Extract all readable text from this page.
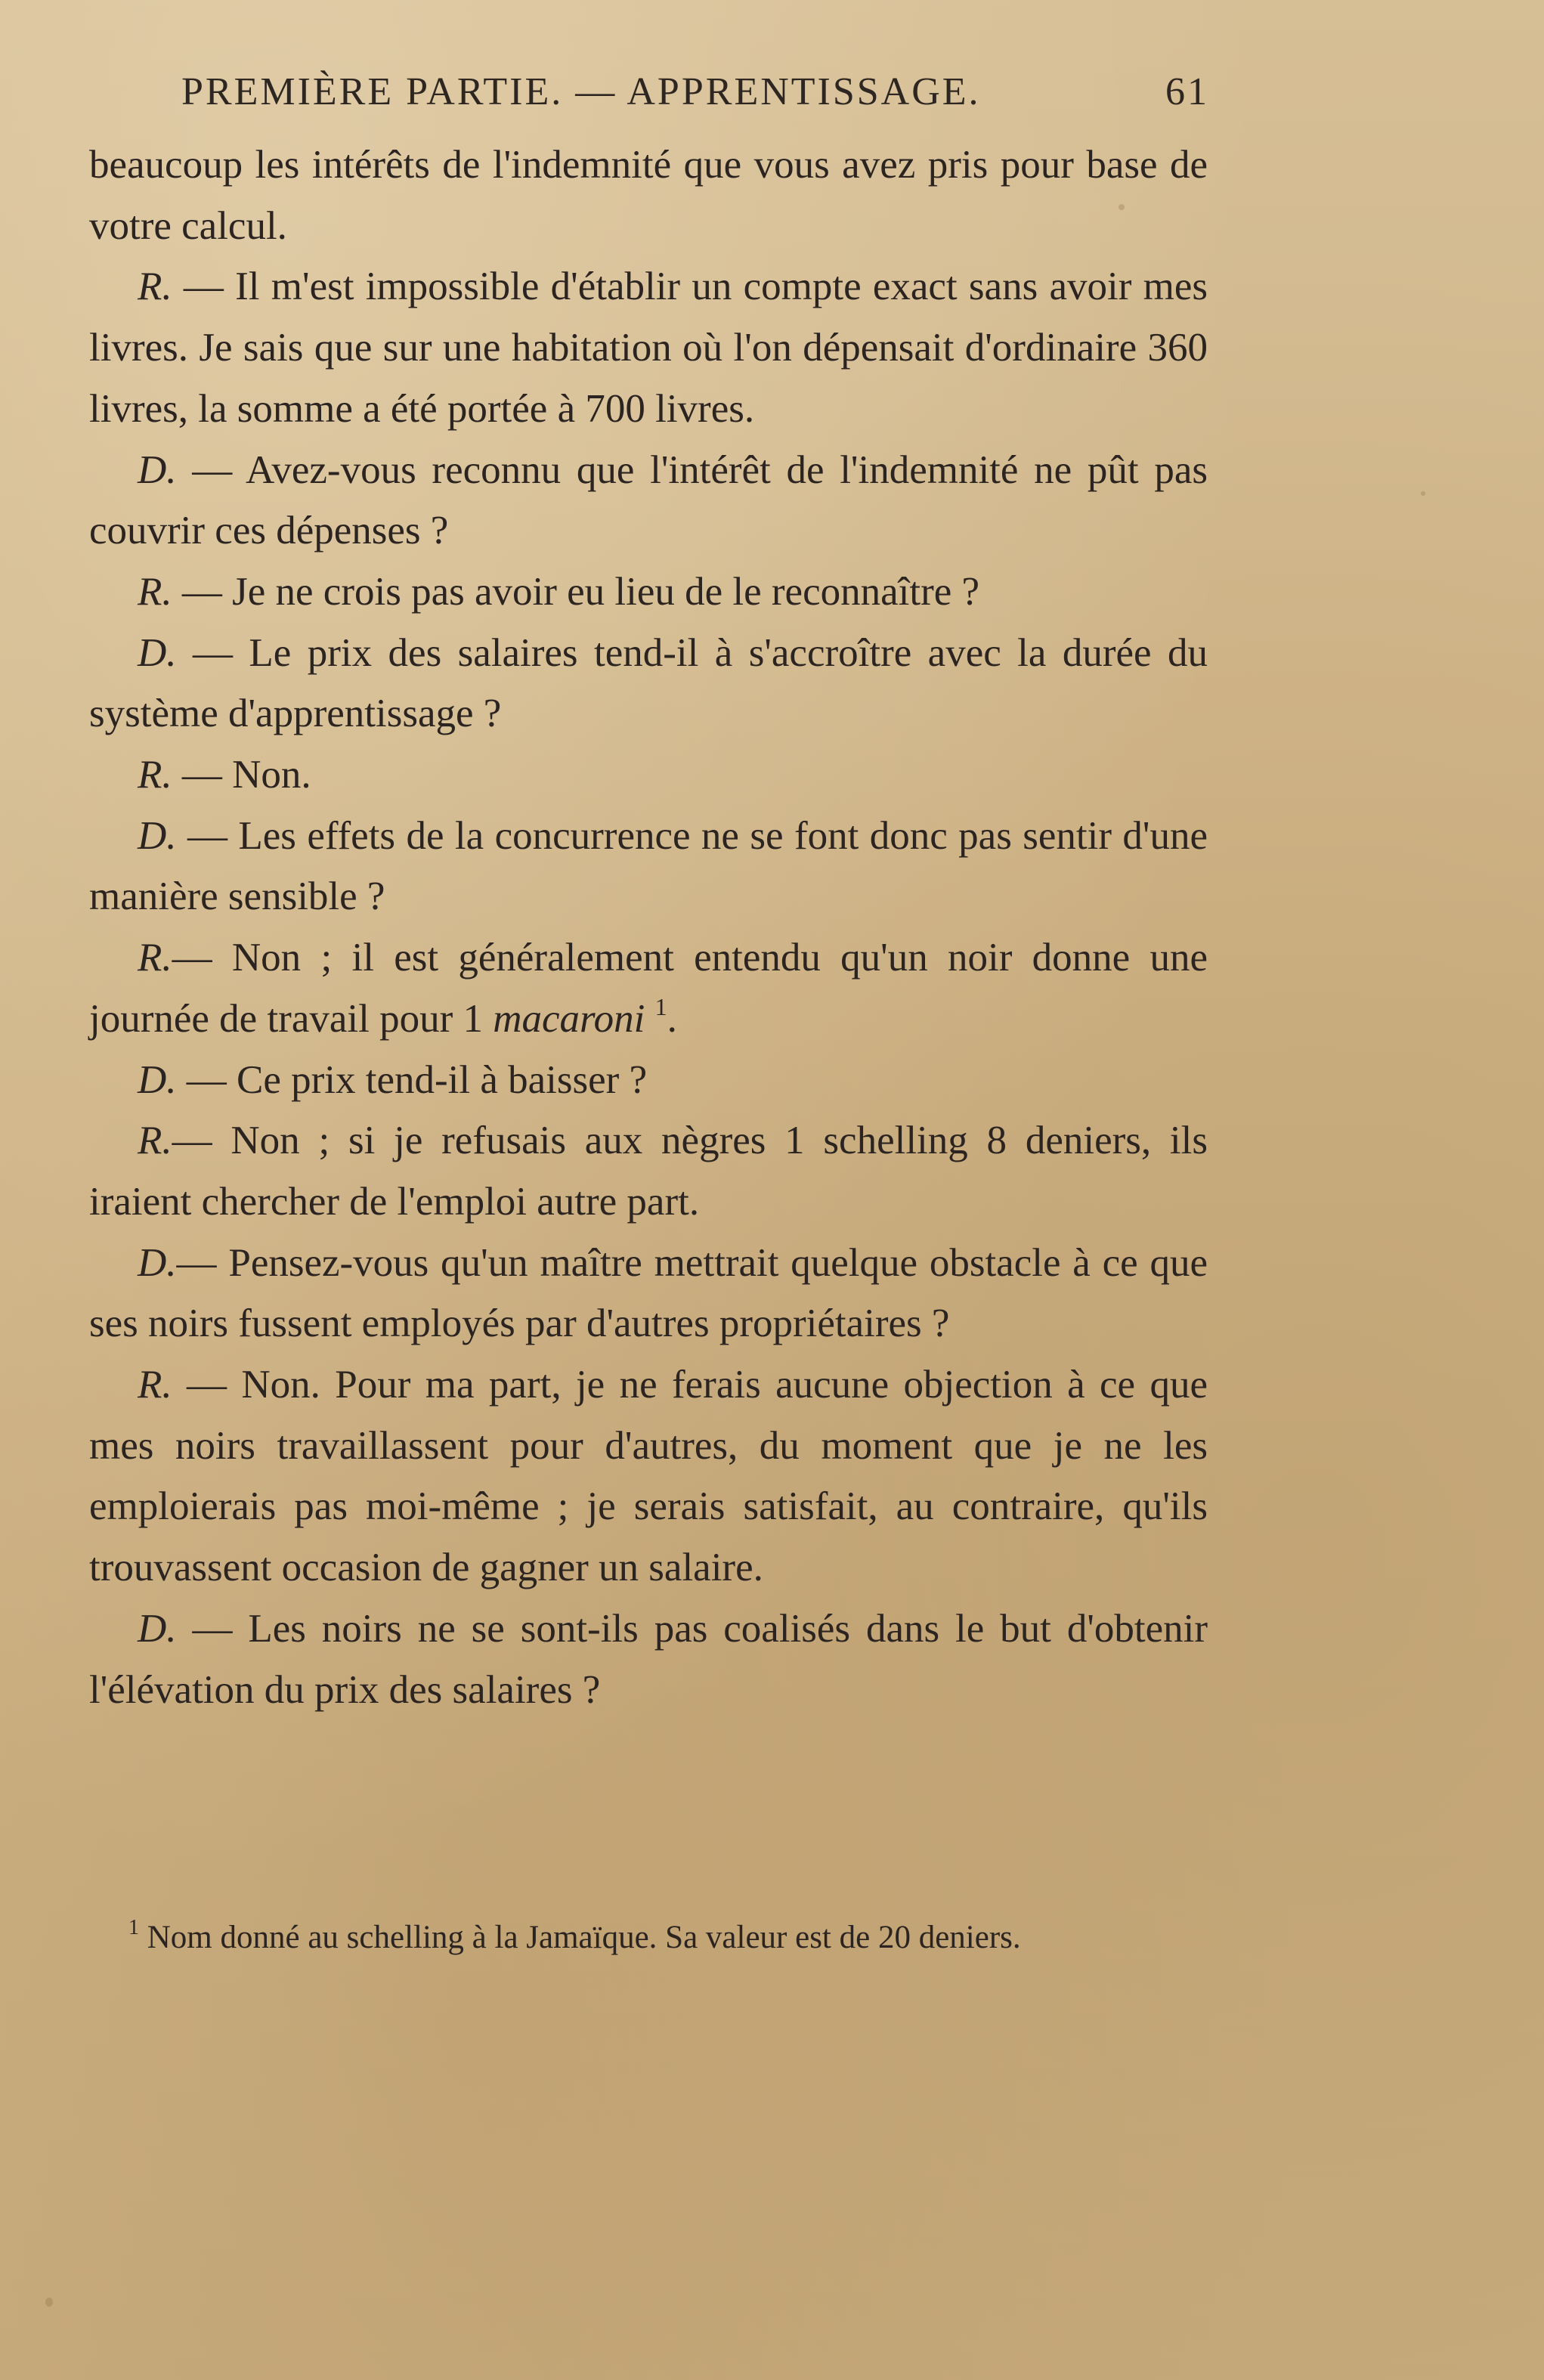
PREMIÈRE PARTIE. — APPRENTISSAGE.	61

beaucoup les intérêts de l'indemnité que vous avez pris pour base de votre calcul.

R. — Il m'est impossible d'établir un compte exact sans avoir mes livres. Je sais que sur une habitation où l'on dépensait d'ordinaire 360 livres, la somme a été portée à 700 livres.

D. — Avez-vous reconnu que l'intérêt de l'indemnité ne pût pas couvrir ces dépenses ?

R. — Je ne crois pas avoir eu lieu de le reconnaître ?

D. — Le prix des salaires tend-il à s'accroître avec la durée du système d'apprentissage ?

R. — Non.

D. — Les effets de la concurrence ne se font donc pas sentir d'une manière sensible ?

R.— Non ; il est généralement entendu qu'un noir donne une journée de travail pour 1 macaroni $^1$.

D. — Ce prix tend-il à baisser ?

R.— Non ; si je refusais aux nègres 1 schelling 8 deniers, ils iraient chercher de l'emploi autre part.

D.— Pensez-vous qu'un maître mettrait quelque obstacle à ce que ses noirs fussent employés par d'autres propriétaires ?

R. — Non. Pour ma part, je ne ferais aucune objection à ce que mes noirs travaillassent pour d'autres, du moment que je ne les emploierais pas moi-même ; je serais satisfait, au contraire, qu'ils trouvassent occasion de gagner un salaire.

D. — Les noirs ne se sont-ils pas coalisés dans le but d'obtenir l'élévation du prix des salaires ?

$^1$ Nom donné au schelling à la Jamaïque. Sa valeur est de 20 deniers.
